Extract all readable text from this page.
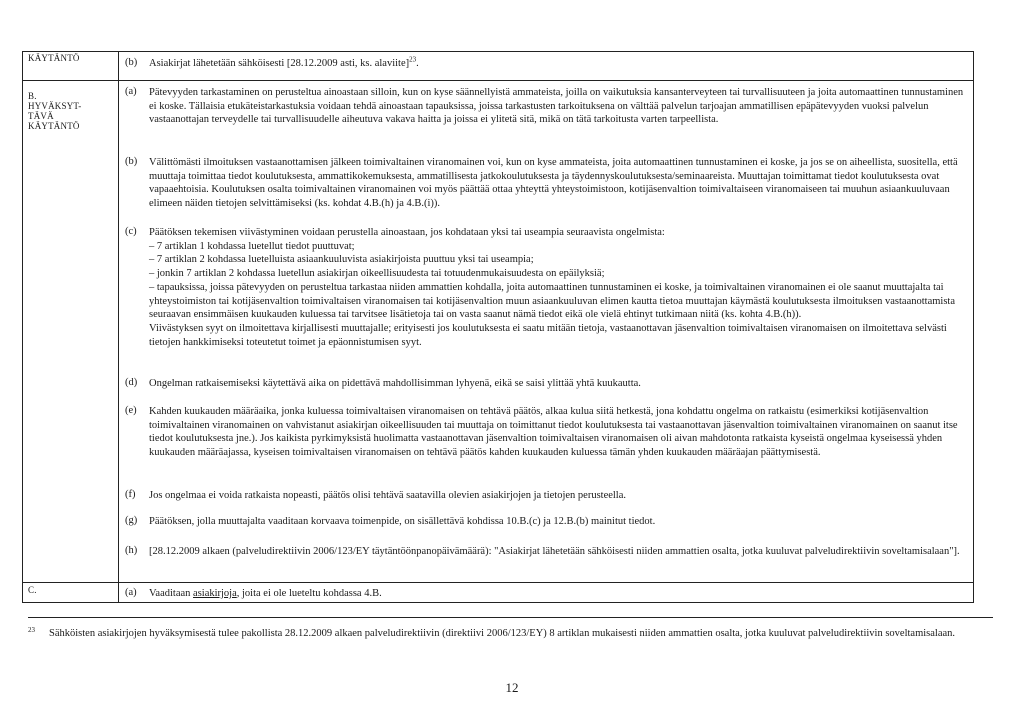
KÄYTÄNTÖ
B.
HYVÄKSYT-
TÄVÄ
KÄYTÄNTÖ
C.
(b) Asiakirjat lähetetään sähköisesti [28.12.2009 asti, ks. alaviite]$^{23}$.
(a) Pätevyyden tarkastaminen on perusteltua ainoastaan silloin, kun on kyse säännellyistä ammateista, joilla on vaikutuksia kansanterveyteen tai turvallisuuteen ja joita automaattinen tunnustaminen ei koske. Tällaisia etukäteistarkastuksia voidaan tehdä ainoastaan tapauksissa, joissa tarkastusten tarkoituksena on välttää palvelun tarjoajan ammatillisen epäpätevyyden vuoksi palvelun vastaanottajan terveydelle tai turvallisuudelle aiheutuva vakava haitta ja joissa ei ylitetä sitä, mikä on tätä tarkoitusta varten tarpeellista.
(b) Välittömästi ilmoituksen vastaanottamisen jälkeen toimivaltainen viranomainen voi, kun on kyse ammateista, joita automaattinen tunnustaminen ei koske, ja jos se on aiheellista, suositella, että muuttaja toimittaa tiedot koulutuksesta, ammattikokemuksesta, ammatillisesta jatkokoulutuksesta ja täydennyskoulutuksesta/seminaareista. Muuttajan toimittamat tiedot koulutuksesta ovat vapaaehtoisia. Koulutuksen osalta toimivaltainen viranomainen voi myös päättää ottaa yhteyttä yhteystoimistoon, kotijäsenvaltion toimivaltaiseen viranomaiseen tai muuhun asiaankuuluvaan elimeen näiden tietojen selvittämiseksi (ks. kohdat 4.B.(h) ja 4.B.(i)).
(c) Päätöksen tekemisen viivästyminen voidaan perustella ainoastaan, jos kohdataan yksi tai useampia seuraavista ongelmista:

– 7 artiklan 1 kohdassa luetellut tiedot puuttuvat;

– 7 artiklan 2 kohdassa luetelluista asiaankuuluvista asiakirjoista puuttuu yksi tai useampia;

– jonkin 7 artiklan 2 kohdassa luetellun asiakirjan oikeellisuudesta tai totuudenmukaisuudesta on epäilyksiä;

– tapauksissa, joissa pätevyyden on perusteltua tarkastaa niiden ammattien kohdalla, joita automaattinen tunnustaminen ei koske, ja toimivaltainen viranomainen ei ole saanut muuttajalta tai yhteystoimiston tai kotijäsenvaltion toimivaltaisen viranomaisen tai kotijäsenvaltion muun asiaankuuluvan elimen kautta tietoa muuttajan käymästä koulutuksesta ilmoituksen vastaanottamista seuraavan ensimmäisen kuukauden kuluessa tai tarvitsee lisätietoja tai on vasta saanut nämä tiedot eikä ole vielä ehtinyt tutkimaan niitä (ks. kohta 4.B.(h)).

Viivästyksen syyt on ilmoitettava kirjallisesti muuttajalle; erityisesti jos koulutuksesta ei saatu mitään tietoja, vastaanottavan jäsenvaltion toimivaltaisen viranomaisen on ilmoitettava selvästi tietojen hankkimiseksi toteutetut toimet ja epäonnistumisen syyt.

(d) Ongelman ratkaisemiseksi käytettävä aika on pidettävä mahdollisimman lyhyenä, eikä se saisi ylittää yhtä kuukautta.
(e) Kahden kuukauden määräaika, jonka kuluessa toimivaltaisen viranomaisen on tehtävä päätös, alkaa kulua siitä hetkestä, jona kohdattu ongelma on ratkaistu (esimerkiksi kotijäsenvaltion toimivaltainen viranomainen on vahvistanut asiakirjan oikeellisuuden tai muuttaja on toimittanut tiedot koulutuksesta tai vastaanottavan jäsenvaltion toimivaltainen viranomainen on saanut itse tiedot koulutuksesta jne.). Jos kaikista pyrkimyksistä huolimatta vastaanottavan jäsenvaltion toimivaltaisen viranomaisen oli aivan mahdotonta ratkaista kyseistä ongelmaa kyseisessä yhden kuukauden määräajassa, kyseisen toimivaltaisen viranomaisen on tehtävä päätös kahden kuukauden kuluessa tämän yhden kuukauden määräajan päättymisestä.
(f) Jos ongelmaa ei voida ratkaista nopeasti, päätös olisi tehtävä saatavilla olevien asiakirjojen ja tietojen perusteella.
(g) Päätöksen, jolla muuttajalta vaaditaan korvaava toimenpide, on sisällettävä kohdissa 10.B.(c) ja 12.B.(b) mainitut tiedot.
(h) [28.12.2009 alkaen (palveludirektiivin 2006/123/EY täytäntöönpanopäivämäärä): "Asiakirjat lähetetään sähköisesti niiden ammattien osalta, jotka kuuluvat palveludirektiivin soveltamisalaan"].
(a) Vaaditaan asiakirjoja, joita ei ole lueteltu kohdassa 4.B.
$^{23}$ Sähköisten asiakirjojen hyväksymisestä tulee pakollista 28.12.2009 alkaen palveludirektiivin (direktiivi 2006/123/EY) 8 artiklan mukaisesti niiden ammattien osalta, jotka kuuluvat palveludirektiivin soveltamisalaan.
12
